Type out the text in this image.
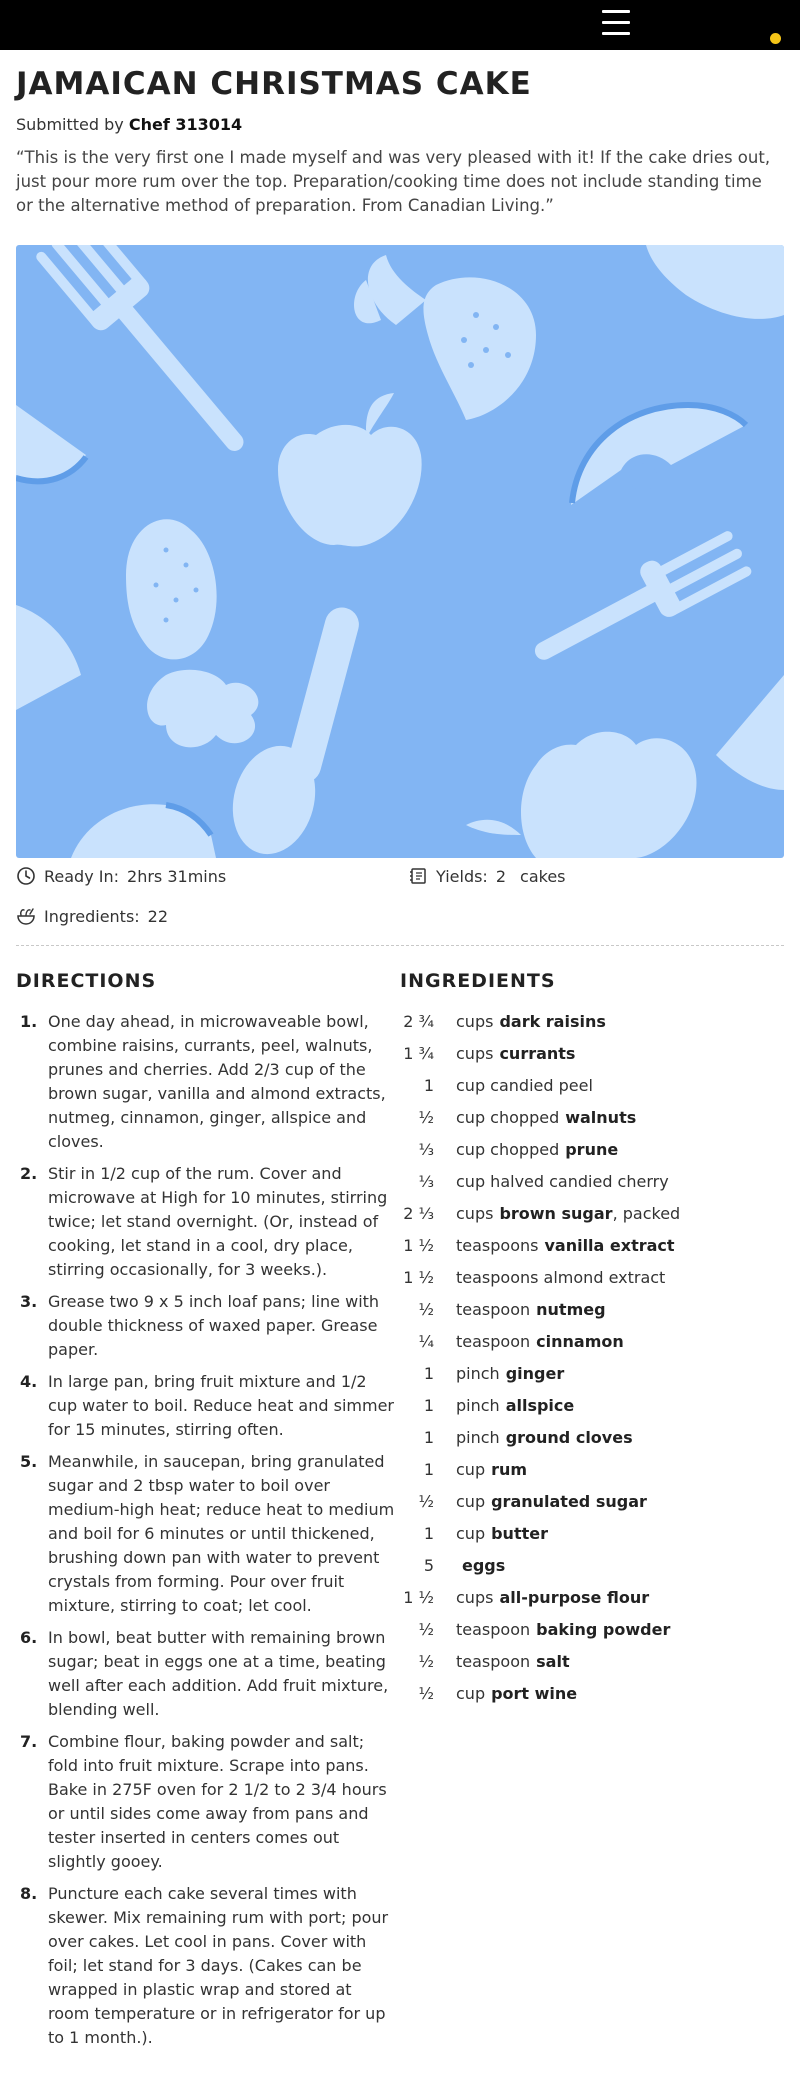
JAMAICAN CHRISTMAS CAKE
Submitted by Chef 313014

“This is the very first one I made myself and was very pleased with it! If the cake dries out, just pour more rum over the top. Preparation/cooking time does not include standing time or the alternative method of preparation. From Canadian Living.”

Ready In: 2hrs 31mins	Yields: 2 cakes
Ingredients: 22
DIRECTIONS
1. One day ahead, in microwaveable bowl, combine raisins, currants, peel, walnuts, prunes and cherries. Add 2/3 cup of the brown sugar, vanilla and almond extracts, nutmeg, cinnamon, ginger, allspice and cloves.
2. Stir in 1/2 cup of the rum. Cover and microwave at High for 10 minutes, stirring twice; let stand overnight. (Or, instead of cooking, let stand in a cool, dry place, stirring occasionally, for 3 weeks.).
3. Grease two 9 x 5 inch loaf pans; line with double thickness of waxed paper. Grease paper.
4. In large pan, bring fruit mixture and 1/2 cup water to boil. Reduce heat and simmer for 15 minutes, stirring often.
5. Meanwhile, in saucepan, bring granulated sugar and 2 tbsp water to boil over medium-high heat; reduce heat to medium and boil for 6 minutes or until thickened, brushing down pan with water to prevent crystals from forming. Pour over fruit mixture, stirring to coat; let cool.
6. In bowl, beat butter with remaining brown sugar; beat in eggs one at a time, beating well after each addition. Add fruit mixture, blending well.
7. Combine flour, baking powder and salt; fold into fruit mixture. Scrape into pans. Bake in 275F oven for 2 1/2 to 2 3/4 hours or until sides come away from pans and tester inserted in centers comes out slightly gooey.
8. Puncture each cake several times with skewer. Mix remaining rum with port; pour over cakes. Let cool in pans. Cover with foil; let stand for 3 days. (Cakes can be wrapped in plastic wrap and stored at room temperature or in refrigerator for up to 1 month.).
INGREDIENTS
2 ¾ cups dark raisins
1 ¾ cups currants
1 cup candied peel
½ cup chopped walnuts
⅓ cup chopped prune
⅓ cup halved candied cherry
2 ⅓ cups brown sugar , packed
1 ½ teaspoons vanilla extract
1 ½ teaspoons almond extract
½ teaspoon nutmeg
¼ teaspoon cinnamon
1 pinch ginger
1 pinch allspice
1 pinch ground cloves
1 cup rum
½ cup granulated sugar
1 cup butter
5 eggs
1 ½ cups all-purpose flour
½ teaspoon baking powder
½ teaspoon salt
½ cup port wine
